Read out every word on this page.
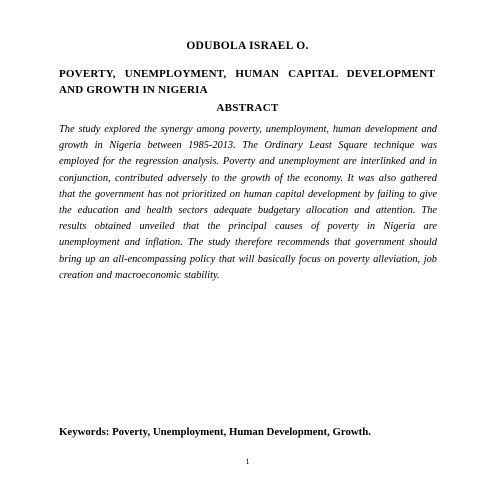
ODUBOLA ISRAEL O.
POVERTY, UNEMPLOYMENT, HUMAN CAPITAL DEVELOPMENT AND GROWTH IN NIGERIA
ABSTRACT
The study explored the synergy among poverty, unemployment, human development and growth in Nigeria between 1985-2013. The Ordinary Least Square technique was employed for the regression analysis. Poverty and unemployment are interlinked and in conjunction, contributed adversely to the growth of the economy. It was also gathered that the government has not prioritized on human capital development by failing to give the education and health sectors adequate budgetary allocation and attention. The results obtained unveiled that the principal causes of poverty in Nigeria are unemployment and inflation. The study therefore recommends that government should bring up an all-encompassing policy that will basically focus on poverty alleviation, job creation and macroeconomic stability.
Keywords: Poverty, Unemployment, Human Development, Growth.
1
